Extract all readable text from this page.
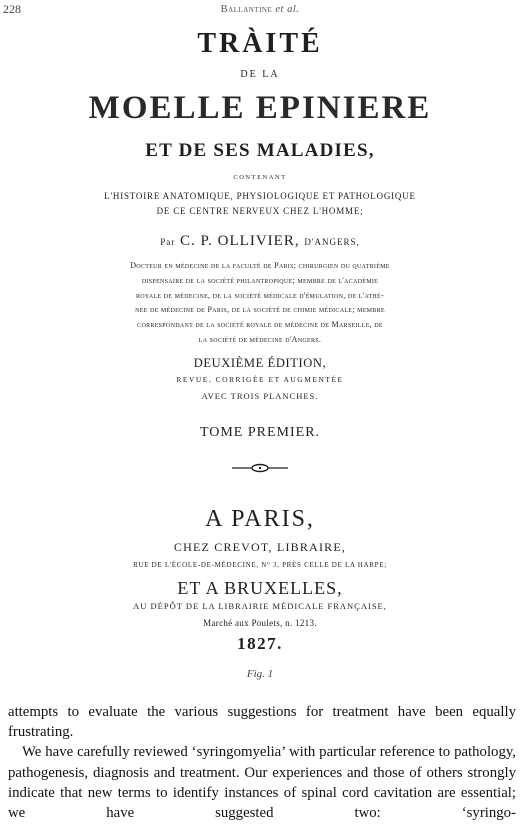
228	Ballantine et al.
TRÀITÉ
DE LA
MOELLE EPINIERE
ET DE SES MALADIES,
CONTENANT
L'HISTOIRE ANATOMIQUE, PHYSIOLOGIQUE ET PATHOLOGIQUE
DE CE CENTRE NERVEUX CHEZ L'HOMME;
Par C. P. OLLIVIER, D'ANGERS,
Docteur en médecine de la faculté de Paris; chirurgien du quatrième
dispensaire de la société philantropique; membre de l'académie
royale de médecine, de la société médicale d'émulation, de l'athé-
née de médecine de Paris, de la société de chimie médicale; membre
correspondant de la société royale de médecine de Marseille, de
la société de médecine d'Angers.
DEUXIÈME ÉDITION,
REVUE, CORRIGÉE ET AUGMENTÉE
AVEC TROIS PLANCHES.
TOME PREMIER.
A PARIS,
CHEZ CREVOT, LIBRAIRE,
RUE DE L'ÉCOLE-DE-MÉDECINE, N° 3, PRÈS CELLE DE LA HARPE;
ET A BRUXELLES,
AU DÉPÔT DE LA LIBRAIRIE MÉDICALE FRANÇAISE,
Marché aux Poulets, n. 1213.
1827.
Fig. 1

attempts to evaluate the various suggestions for treatment have been equally frustrating.

We have carefully reviewed ‘syringomyelia’ with particular reference to pathology, pathogenesis, diagnosis and treatment. Our experiences and those of others strongly indicate that new terms to identify instances of spinal cord cavitation are essential; we have suggested two: ‘syringo-
